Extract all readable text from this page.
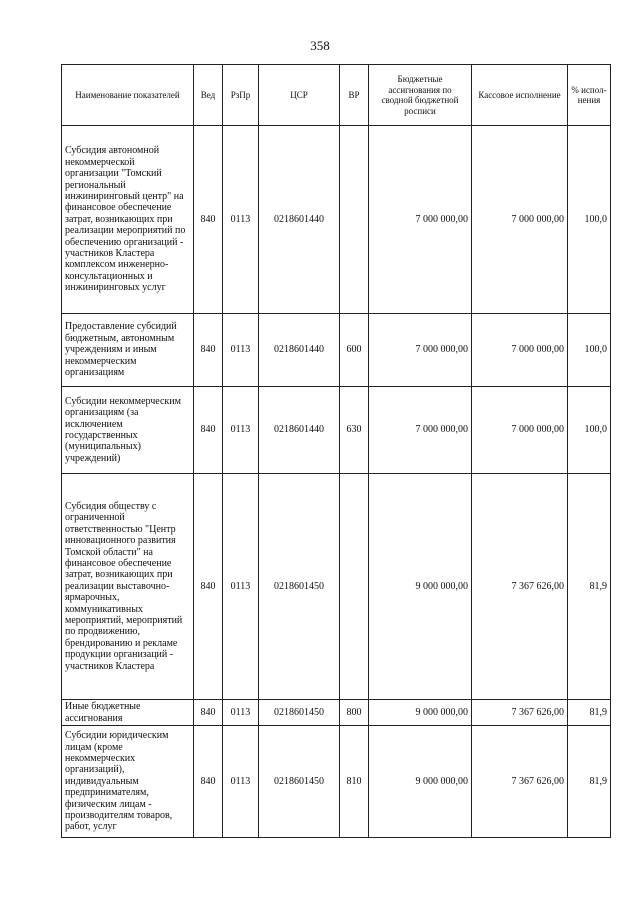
358
Наименование показателей	Вед	РзПр	ЦСР	ВР	Бюджетные ассигнования по сводной бюджетной росписи	Кассовое исполнение	% испол-нения
Субсидия автономной некоммерческой организации "Томский региональный инжиниринговый центр" на финансовое обеспечение затрат, возникающих при реализации мероприятий по обеспечению организаций - участников Кластера комплексом инженерно-консультационных и инжиниринговых услуг	840	0113	0218601440		7 000 000,00	7 000 000,00	100,0
Предоставление субсидий бюджетным, автономным учреждениям и иным некоммерческим организациям	840	0113	0218601440	600	7 000 000,00	7 000 000,00	100,0
Субсидии некоммерческим организациям (за исключением государственных (муниципальных) учреждений)	840	0113	0218601440	630	7 000 000,00	7 000 000,00	100,0
Субсидия обществу с ограниченной ответственностью "Центр инновационного развития Томской области" на финансовое обеспечение затрат, возникающих при реализации выставочно-ярмарочных, коммуникативных мероприятий, мероприятий по продвижению, брендированию и рекламе продукции организаций - участников Кластера	840	0113	0218601450		9 000 000,00	7 367 626,00	81,9
Иные бюджетные ассигнования	840	0113	0218601450	800	9 000 000,00	7 367 626,00	81,9
Субсидии юридическим лицам (кроме некоммерческих организаций), индивидуальным предпринимателям, физическим лицам - производителям товаров, работ, услуг	840	0113	0218601450	810	9 000 000,00	7 367 626,00	81,9
